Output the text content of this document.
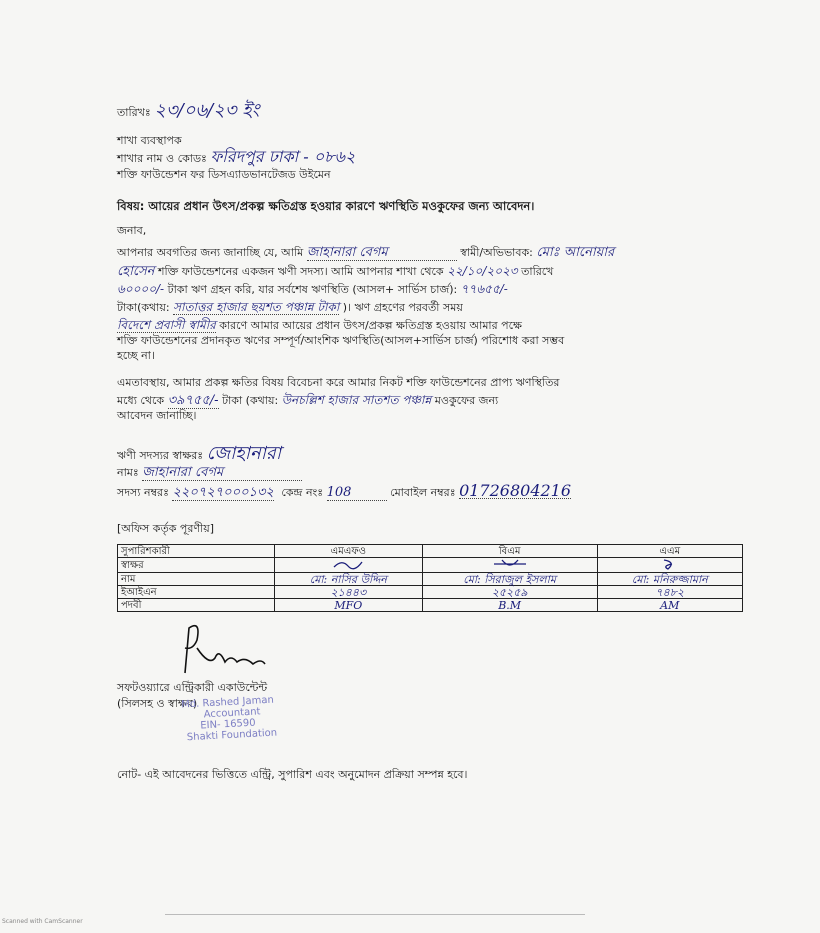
তারিখঃ ২৩/০৬/২৩ ইং
শাখা ব্যবস্থাপক
শাখার নাম ও কোডঃ ফরিদপুর ঢাকা - ০৮৬২
শক্তি ফাউন্ডেশন ফর ডিসএ্যাডভানটেজড উইমেন
বিষয়: আয়ের প্রধান উৎস/প্রকল্প ক্ষতিগ্রস্ত হওয়ার কারণে ঋণস্থিতি মওকুফের জন্য আবেদন।
জনাব,
আপনার অবগতির জন্য জানাচ্ছি যে, আমি জাহানারা বেগম	স্বামী/অভিভাবক: মোঃ আনোয়ার
হোসেন শক্তি ফাউন্ডেশনের একজন ঋণী সদস্য। আমি আপনার শাখা থেকে ২২/১০/২০২৩ তারিখে
৬০০০০/- টাকা ঋণ গ্রহন করি, যার সর্বশেষ ঋণস্থিতি (আসল+ সার্ভিস চার্জ): ৭৭৬৫৫/-
টাকা(কথায়: সাতাত্তর হাজার ছয়শত পঞ্চান্ন টাকা )। ঋণ গ্রহণের পরবর্তী সময়
বিদেশে প্রবাসী স্বামীর কারণে আমার আয়ের প্রধান উৎস/প্রকল্প ক্ষতিগ্রস্ত হওয়ায় আমার পক্ষে
শক্তি ফাউন্ডেশনের প্রদানকৃত ঋণের সম্পূর্ণ/আংশিক ঋণস্থিতি(আসল+সার্ভিস চার্জ) পরিশোধ করা সম্ভব
হচ্ছে না।
এমতাবস্থায়, আমার প্রকল্প ক্ষতির বিষয় বিবেচনা করে আমার নিকট শক্তি ফাউন্ডেশনের প্রাপ্য ঋণস্থিতির
মধ্যে থেকে ৩৯৭৫৫/- টাকা (কথায়: উনচল্লিশ হাজার সাতশত পঞ্চান্ন মওকুফের জন্য
আবেদন জানাচ্ছি।
ঋণী সদস্যর স্বাক্ষরঃ জোহানারা
নামঃ জাহানারা বেগম
সদস্য নম্বরঃ ২২০৭২৭০০০১৩২ কেন্দ্র নংঃ 108	মোবাইল নম্বরঃ 01726804216
[অফিস কর্তৃক পূরণীয়]
সুপারিশকারী	এমএফও	বিএম	এএম
স্বাক্ষর			
নাম	মো: নাসির উদ্দিন	মো: সিরাজুল ইসলাম	মো: মনিরুজ্জামান
ইআইএন	২১৪৪৩	২৫২৫৯	৭৪৮২
পদবী	MFO	B.M	AM
সফটওয়্যারে এন্ট্রিকারী একাউন্টেন্ট
(সিলসহ ও স্বাক্ষর)
Md. Rashed Jaman
Accountant
EIN- 16590
Shakti Foundation
নোট- এই আবেদনের ভিত্তিতে এন্ট্রি, সুপারিশ এবং অনুমোদন প্রক্রিয়া সম্পন্ন হবে।
Scanned with CamScanner
